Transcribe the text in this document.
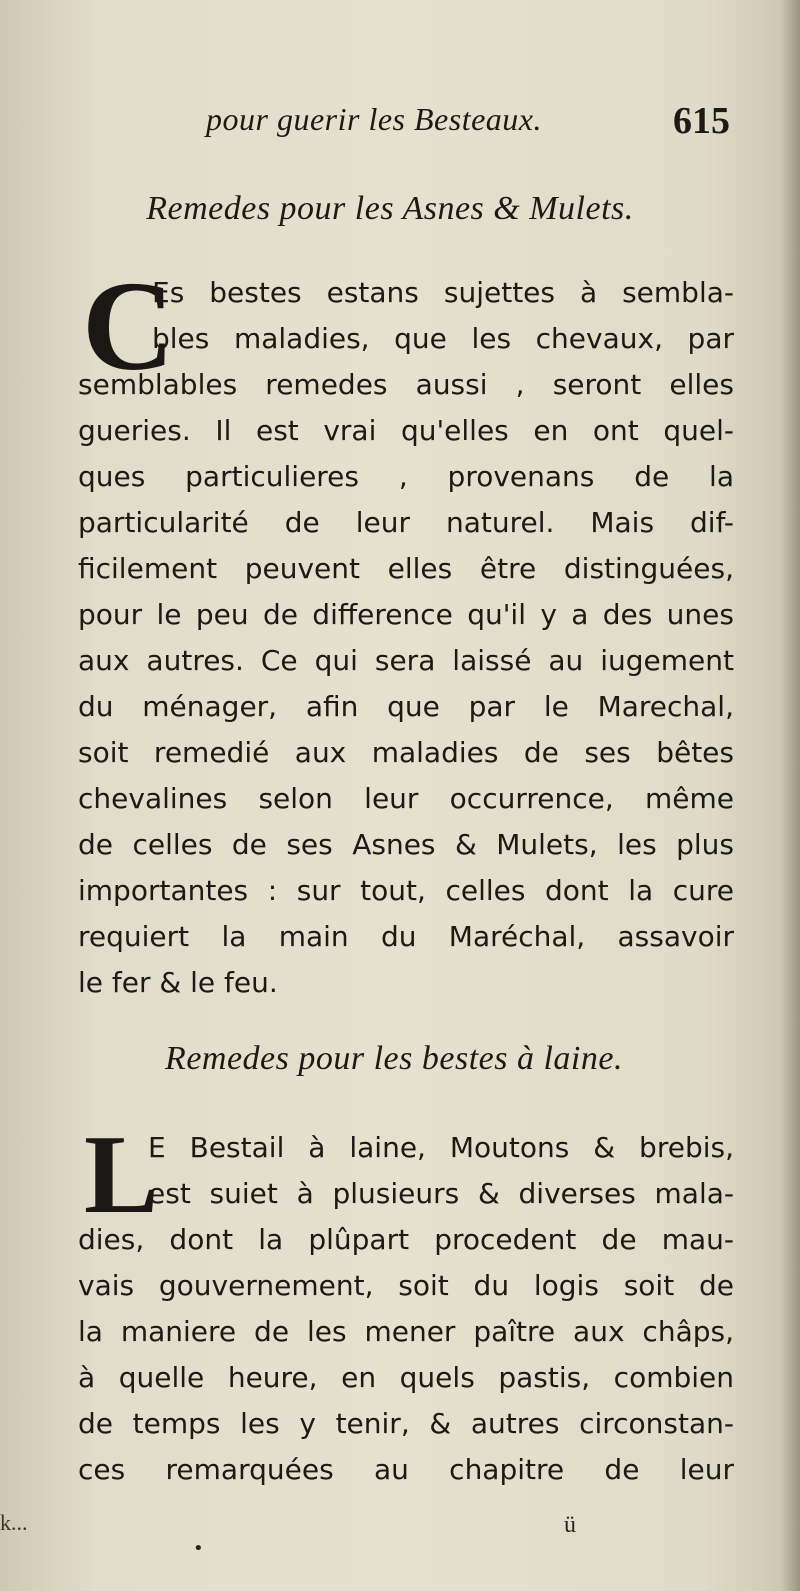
pour guerir les Besteaux.	615
Remedes pour les Asnes & Mulets.
C
Es bestes estans sujettes à sembla-
bles maladies, que les chevaux, par
semblables remedes aussi , seront elles
gueries. Il est vrai qu'elles en ont quel-
ques particulieres , provenans de la
particularité de leur naturel. Mais dif-
ficilement peuvent elles être distinguées,
pour le peu de difference qu'il y a des unes
aux autres. Ce qui sera laissé au iugement
du ménager, afin que par le Marechal,
soit remedié aux maladies de ses bêtes
chevalines selon leur occurrence, même
de celles de ses Asnes & Mulets, les plus
importantes : sur tout, celles dont la cure
requiert la main du Maréchal, assavoir
le fer & le feu.
Remedes pour les bestes à laine.
L
E Bestail à laine, Moutons & brebis,
est suiet à plusieurs & diverses mala-
dies, dont la plûpart procedent de mau-
vais gouvernement, soit du logis soit de
la maniere de les mener paître aux châps,
à quelle heure, en quels pastis, combien
de temps les y tenir, & autres circonstan-
ces remarquées au chapitre de leur
k...
•
ü
